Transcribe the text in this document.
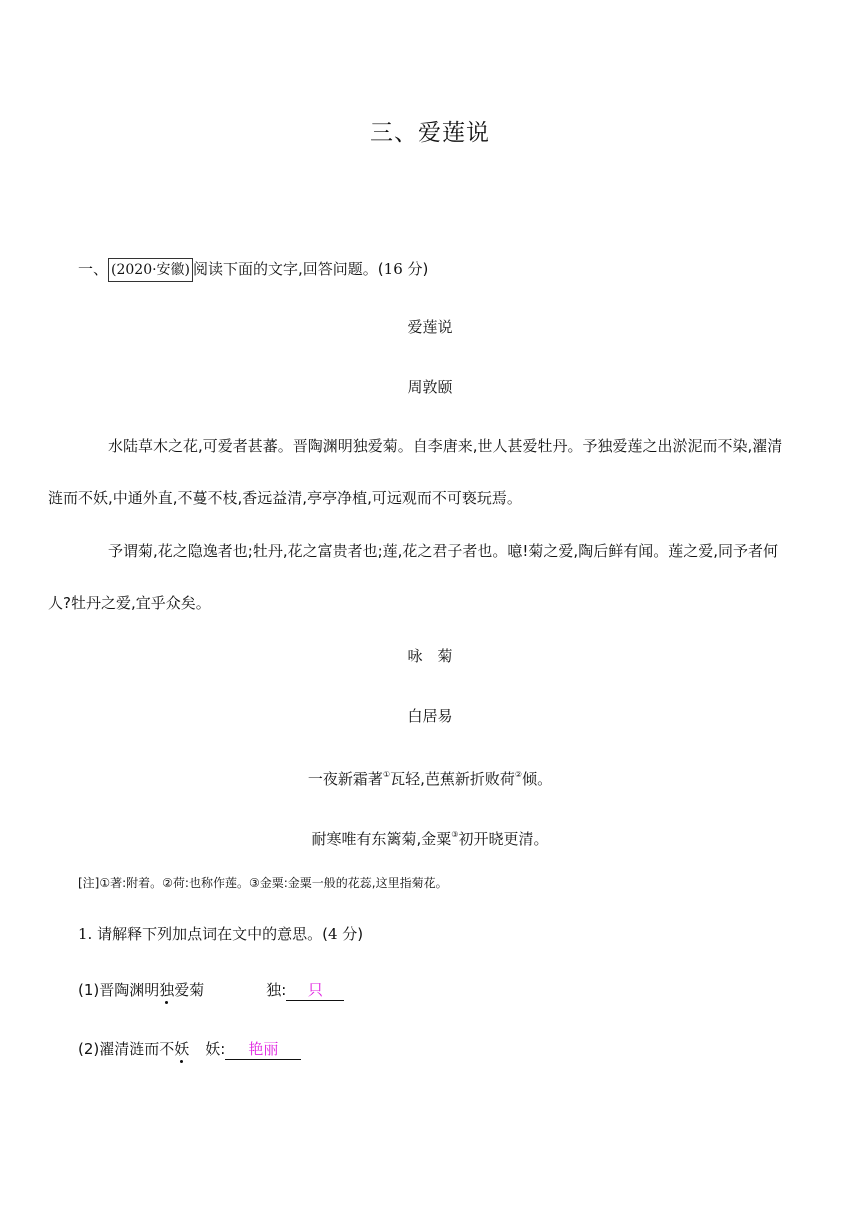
三、爱莲说
一、 (2020·安徽) 阅读下面的文字,回答问题。(16 分)
爱莲说
周敦颐
水陆草木之花,可爱者甚蕃。晋陶渊明独爱菊。自李唐来,世人甚爱牡丹。予独爱莲之出淤泥而不染,濯清
涟而不妖,中通外直,不蔓不枝,香远益清,亭亭净植,可远观而不可亵玩焉。
予谓菊,花之隐逸者也;牡丹,花之富贵者也;莲,花之君子者也。噫!菊之爱,陶后鲜有闻。莲之爱,同予者何
人?牡丹之爱,宜乎众矣。
咏　菊
白居易
一夜新霜著①瓦轻,芭蕉新折败荷②倾。
耐寒唯有东篱菊,金粟③初开晓更清。
[注]①著:附着。②荷:也称作莲。③金粟:金粟一般的花蕊,这里指菊花。
1. 请解释下列加点词在文中的意思。(4 分)
(1)晋陶渊明独爱菊	独: 只
(2)濯清涟而不妖 妖: 艳丽
